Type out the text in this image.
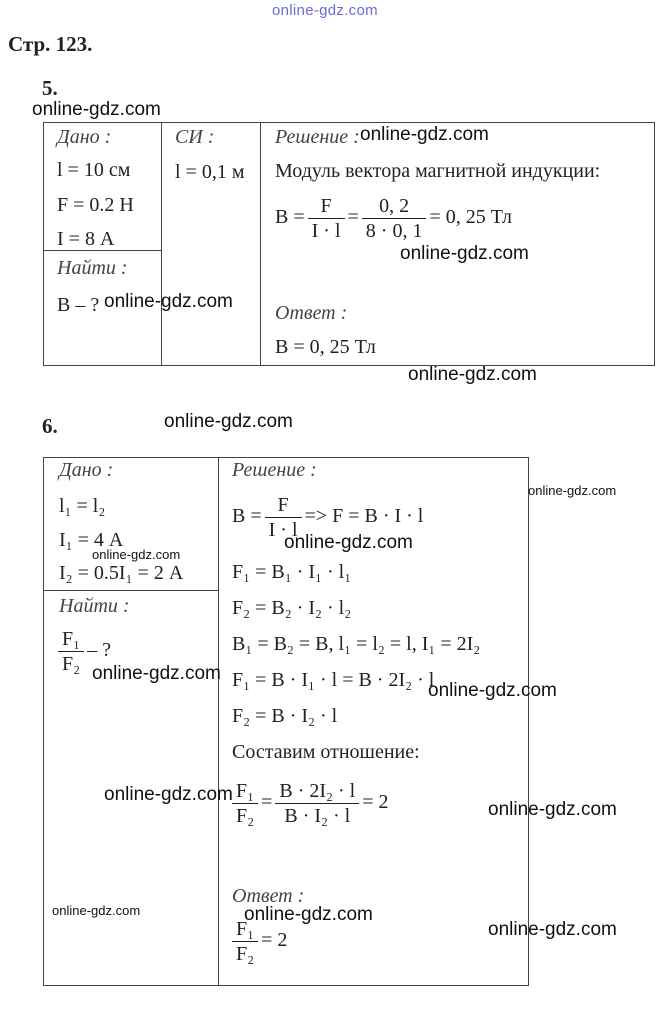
online-gdz.com
Стр. 123.
5.
Дано :
l = 10 см
F = 0.2 Н
I = 8 А
Найти :
B – ?
СИ :
l = 0,1 м
Решение :
Модуль вектора магнитной индукции:
$B = \frac{F}{I \cdot l} = \frac{0, 2}{8 \cdot 0, 1} = 0$, 25 Тл
Ответ :
B = 0, 25 Тл
6.
Дано :
l₁ = l₂
I₁ = 4 А
I₂ = 0.5I₁ = 2 А
Найти :
$\frac{\text{F₁}}{\text{F₂}}$ – ?
Решение :
$B = \frac{F}{I \cdot l} => F = B \cdot I \cdot l$
F₁ = B₁ · I₁ · l₁
F₂ = B₂ · I₂ · l₂
B₁ = B₂ = B, l₁ = l₂ = l, I₁ = 2I₂
F₁ = B · I₁ · l = B · 2I₂ · l
F₂ = B · I₂ · l
Составим отношение:
$\frac{\text{F₁}}{\text{F₂}} = \frac{\text{B · 2I₂ · l}}{\text{B · I₂ · l}} = 2$
Ответ :
$\frac{\text{F₁}}{\text{F₂}} = 2$
online-gdz.com
online-gdz.com
online-gdz.com
online-gdz.com
online-gdz.com
online-gdz.com
online-gdz.com
online-gdz.com
online-gdz.com
online-gdz.com
online-gdz.com
online-gdz.com
online-gdz.com
online-gdz.com	online-gdz.com
online-gdz.com
